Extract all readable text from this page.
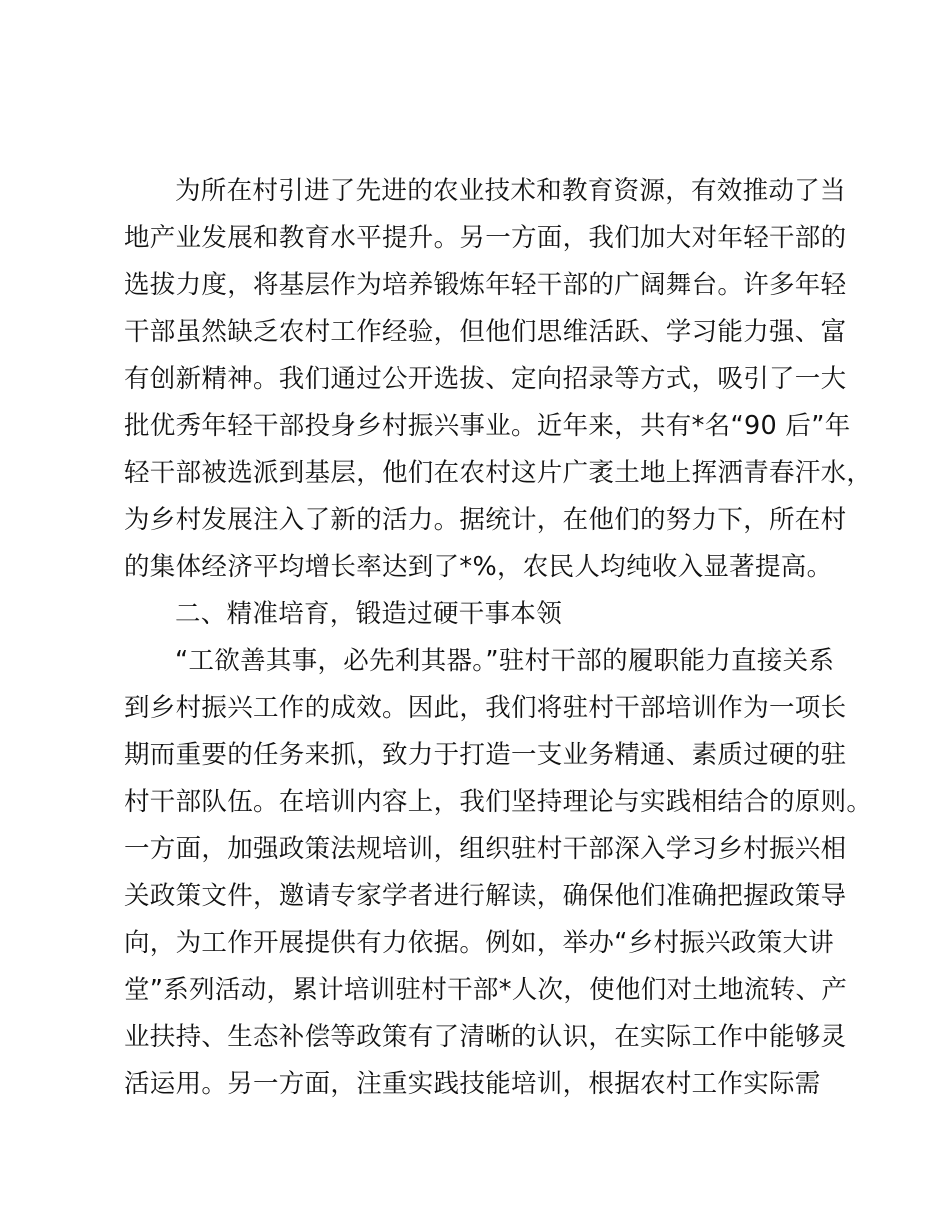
为所在村引进了先进的农业技术和教育资源，有效推动了当
地产业发展和教育水平提升。另一方面，我们加大对年轻干部的
选拔力度，将基层作为培养锻炼年轻干部的广阔舞台。许多年轻
干部虽然缺乏农村工作经验，但他们思维活跃、学习能力强、富
有创新精神。我们通过公开选拔、定向招录等方式，吸引了一大
批优秀年轻干部投身乡村振兴事业。近年来，共有*名“90 后”年
轻干部被选派到基层，他们在农村这片广袤土地上挥洒青春汗水，
为乡村发展注入了新的活力。据统计，在他们的努力下，所在村
的集体经济平均增长率达到了*%，农民人均纯收入显著提高。
二、精准培育，锻造过硬干事本领
“工欲善其事，必先利其器。”驻村干部的履职能力直接关系
到乡村振兴工作的成效。因此，我们将驻村干部培训作为一项长
期而重要的任务来抓，致力于打造一支业务精通、素质过硬的驻
村干部队伍。在培训内容上，我们坚持理论与实践相结合的原则。
一方面，加强政策法规培训，组织驻村干部深入学习乡村振兴相
关政策文件，邀请专家学者进行解读，确保他们准确把握政策导
向，为工作开展提供有力依据。例如，举办“乡村振兴政策大讲
堂”系列活动，累计培训驻村干部*人次，使他们对土地流转、产
业扶持、生态补偿等政策有了清晰的认识，在实际工作中能够灵
活运用。另一方面，注重实践技能培训，根据农村工作实际需
